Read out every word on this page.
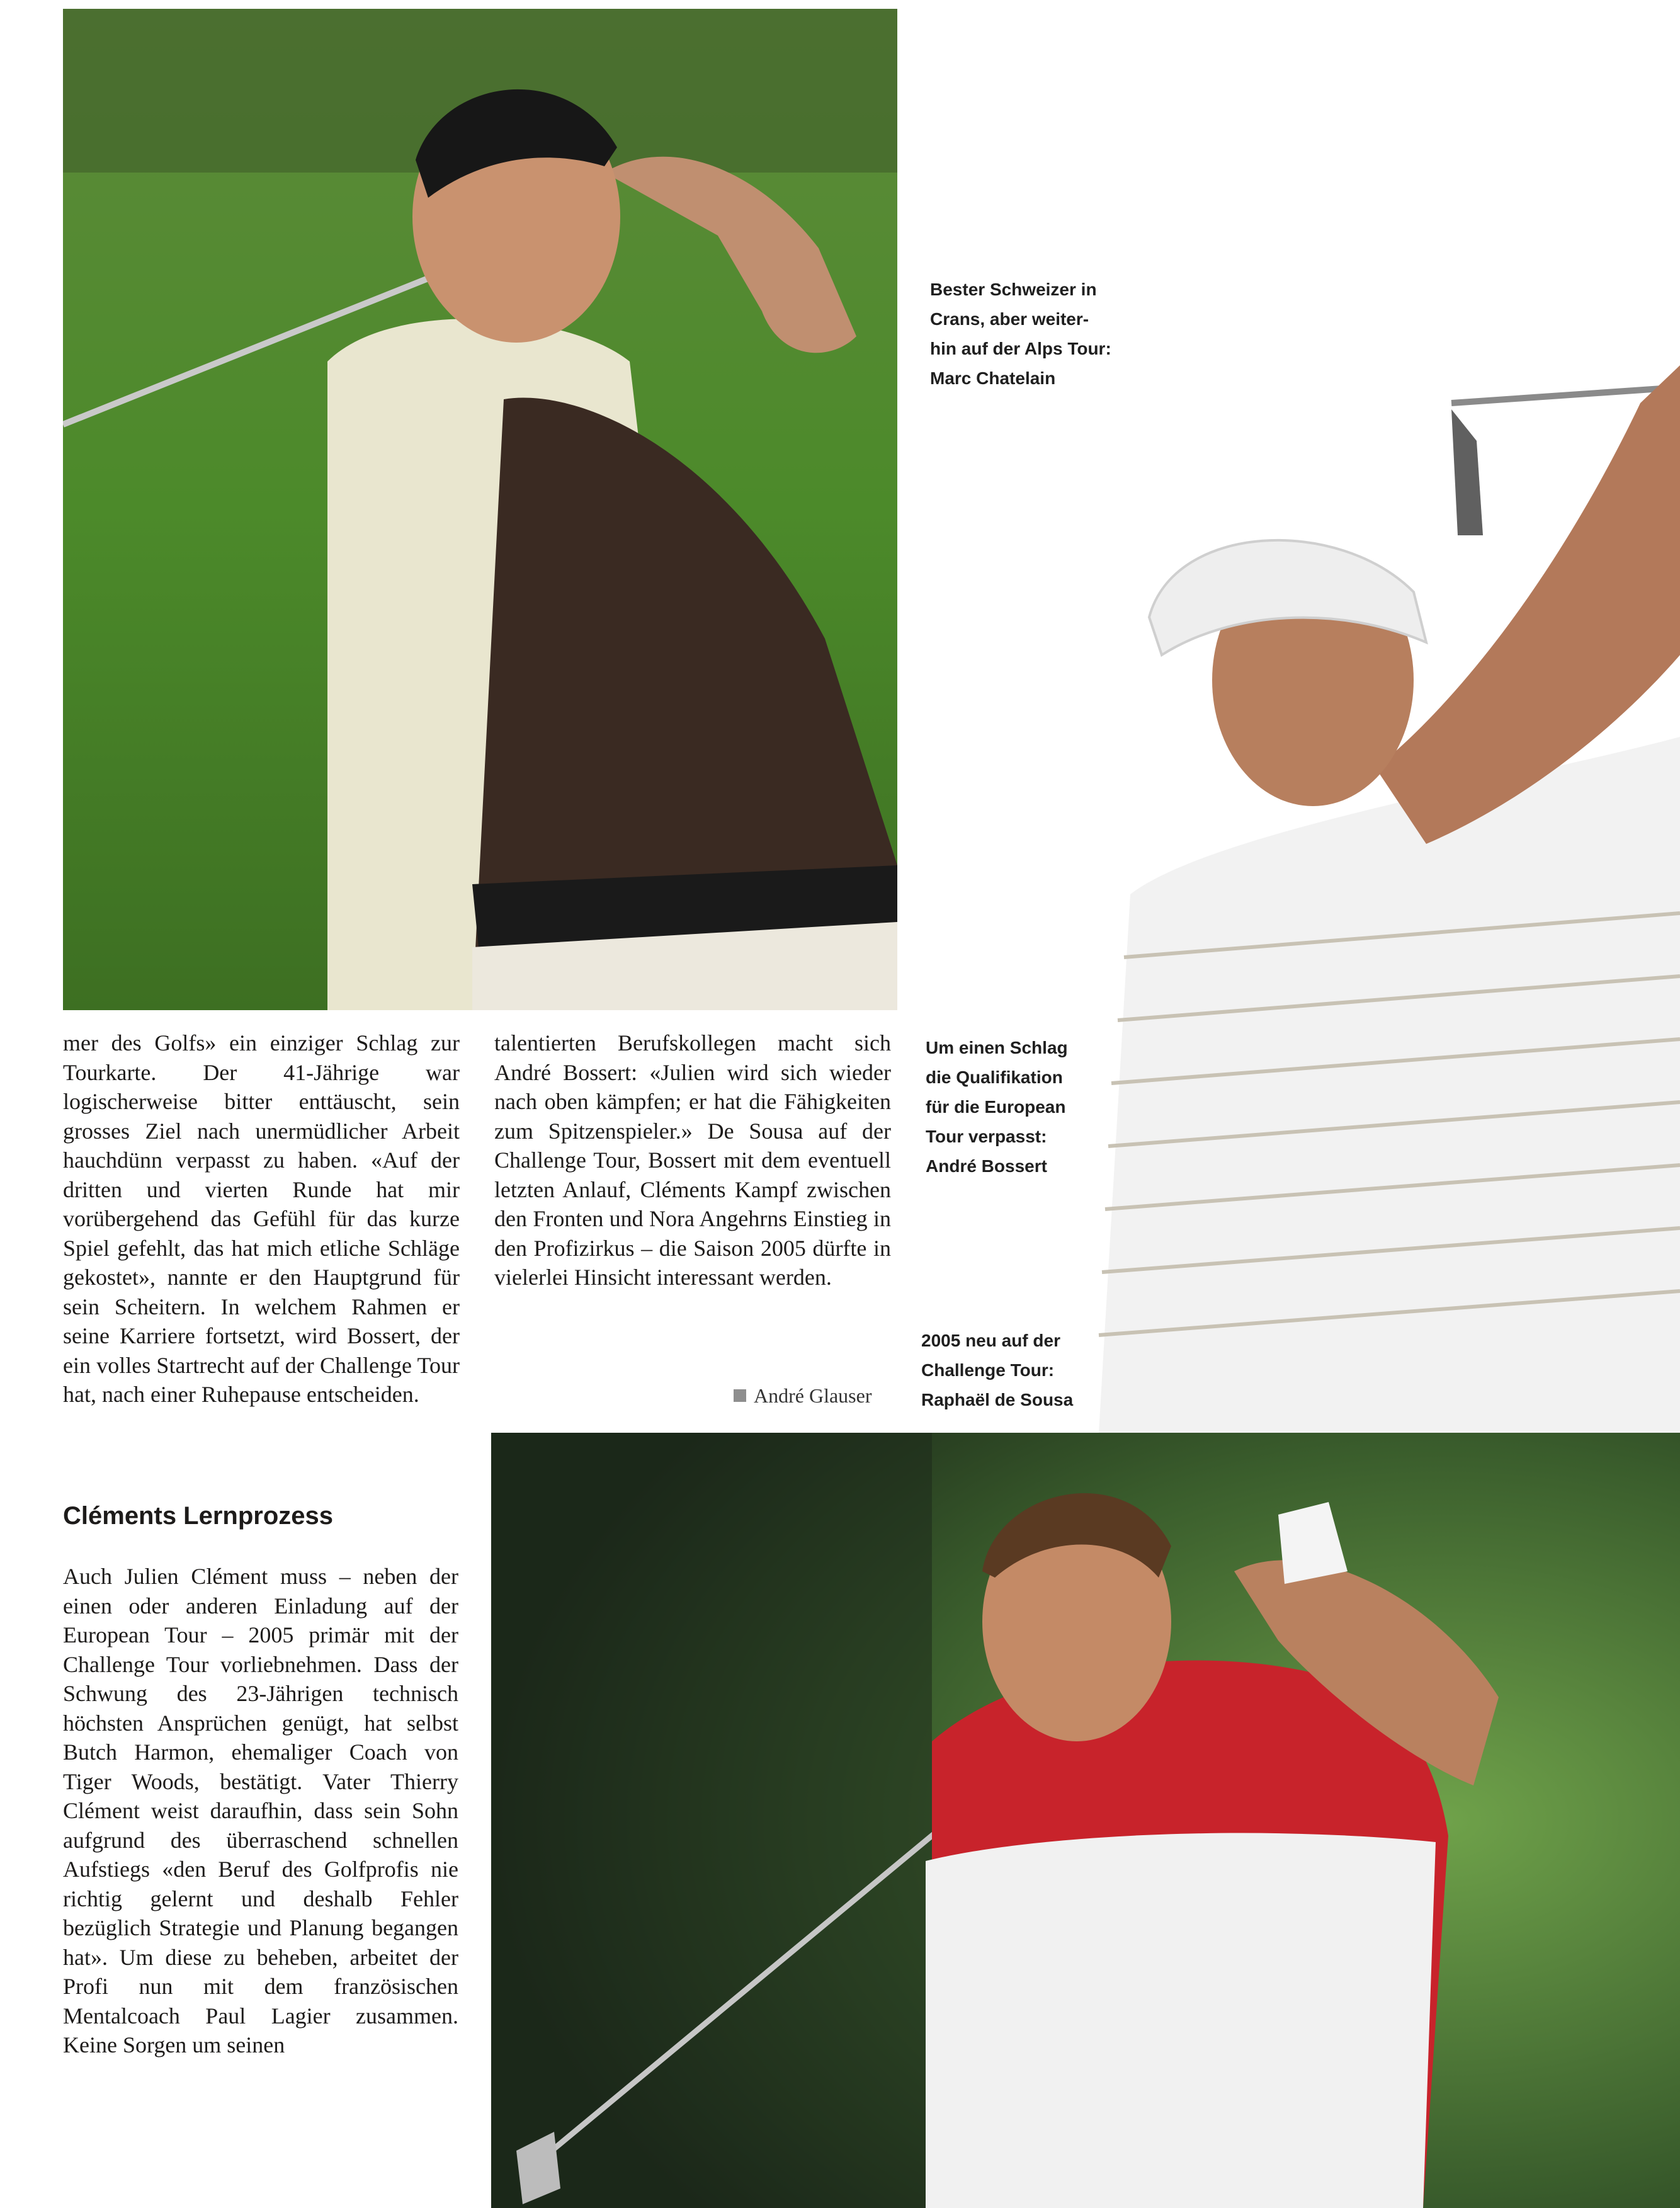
Bester Schweizer in
Crans, aber weiter-
hin auf der Alps Tour:
Marc Chatelain

Um einen Schlag
die Qualifikation
für die European
Tour verpasst:
André Bossert

2005 neu auf der
Challenge Tour:
Raphaël de Sousa

mer des Golfs» ein einziger Schlag zur Tourkarte. Der 41-Jährige war logischerweise bitter enttäuscht, sein grosses Ziel nach unermüdlicher Arbeit hauchdünn verpasst zu haben. «Auf der dritten und vierten Runde hat mir vorübergehend das Gefühl für das kurze Spiel gefehlt, das hat mich etliche Schläge gekostet», nannte er den Hauptgrund für sein Scheitern. In welchem Rahmen er seine Karriere fortsetzt, wird Bossert, der ein volles Startrecht auf der Challenge Tour hat, nach einer Ruhepause entscheiden.

talentierten Berufskollegen macht sich André Bossert: «Julien wird sich wieder nach oben kämpfen; er hat die Fähigkeiten zum Spitzenspieler.» De Sousa auf der Challenge Tour, Bossert mit dem eventuell letzten Anlauf, Cléments Kampf zwischen den Fronten und Nora Angehrns Einstieg in den Profizirkus – die Saison 2005 dürfte in vielerlei Hinsicht interessant werden.

André Glauser
Cléments Lernprozess

Auch Julien Clément muss – neben der einen oder anderen Einladung auf der European Tour – 2005 primär mit der Challenge Tour vorliebnehmen. Dass der Schwung des 23-Jährigen technisch höchsten Ansprüchen genügt, hat selbst Butch Harmon, ehemaliger Coach von Tiger Woods, bestätigt. Vater Thierry Clément weist daraufhin, dass sein Sohn aufgrund des überraschend schnellen Aufstiegs «den Beruf des Golfprofis nie richtig gelernt und deshalb Fehler bezüglich Strategie und Planung begangen hat». Um diese zu beheben, arbeitet der Profi nun mit dem französischen Mentalcoach Paul Lagier zusammen. Keine Sorgen um seinen
